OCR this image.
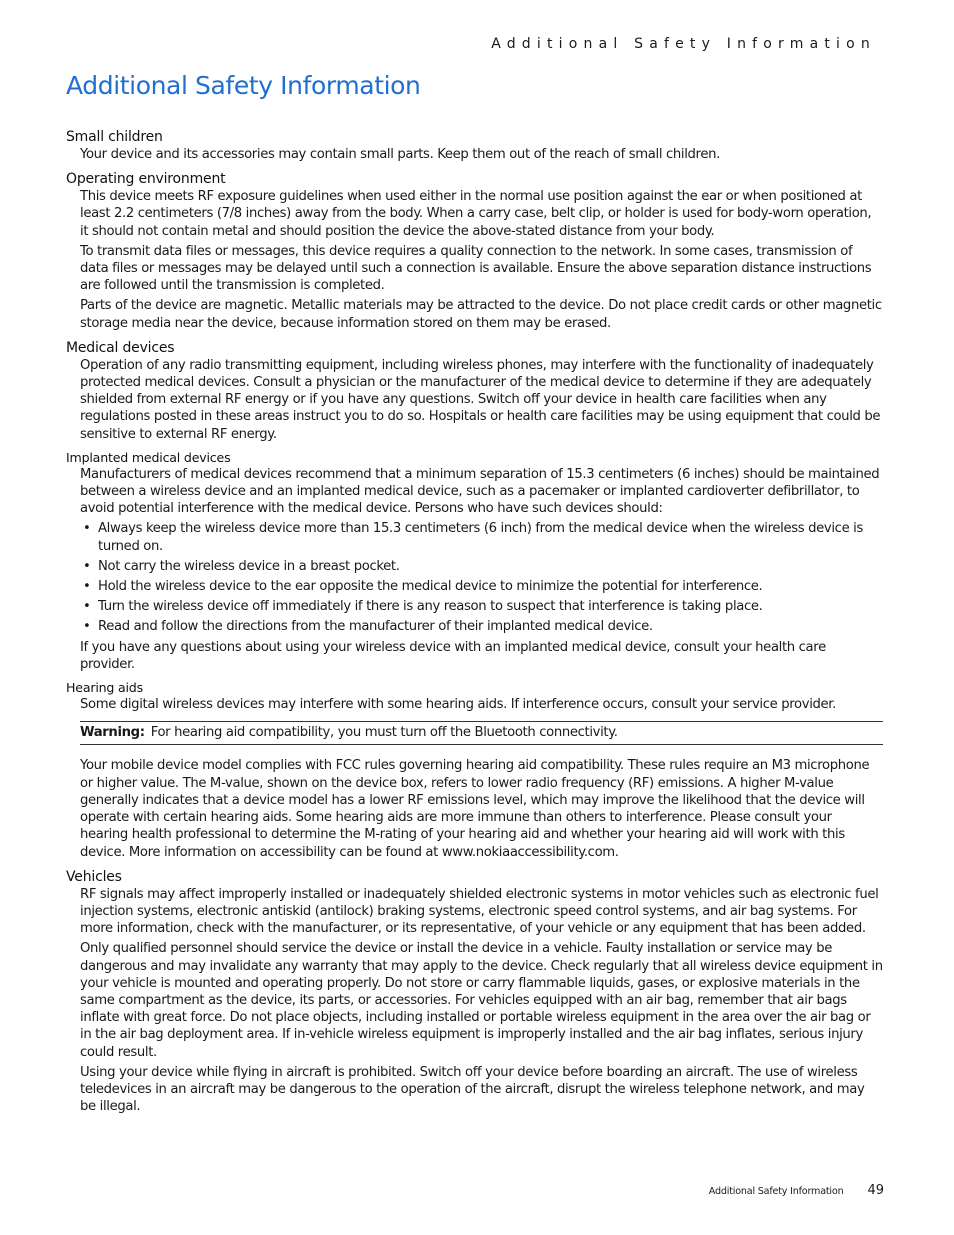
Additional Safety Information
Additional Safety Information
Small children

Your device and its accessories may contain small parts. Keep them out of the reach of small children.

Operating environment

This device meets RF exposure guidelines when used either in the normal use position against the ear or when positioned at least 2.2 centimeters (7/8 inches) away from the body. When a carry case, belt clip, or holder is used for body-worn operation, it should not contain metal and should position the device the above-stated distance from your body.

To transmit data files or messages, this device requires a quality connection to the network. In some cases, transmission of data files or messages may be delayed until such a connection is available. Ensure the above separation distance instructions are followed until the transmission is completed.

Parts of the device are magnetic. Metallic materials may be attracted to the device. Do not place credit cards or other magnetic storage media near the device, because information stored on them may be erased.

Medical devices

Operation of any radio transmitting equipment, including wireless phones, may interfere with the functionality of inadequately protected medical devices. Consult a physician or the manufacturer of the medical device to determine if they are adequately shielded from external RF energy or if you have any questions. Switch off your device in health care facilities when any regulations posted in these areas instruct you to do so. Hospitals or health care facilities may be using equipment that could be sensitive to external RF energy.

Implanted medical devices

Manufacturers of medical devices recommend that a minimum separation of 15.3 centimeters (6 inches) should be maintained between a wireless device and an implanted medical device, such as a pacemaker or implanted cardioverter defibrillator, to avoid potential interference with the medical device. Persons who have such devices should:

• Always keep the wireless device more than 15.3 centimeters (6 inch) from the medical device when the wireless device is turned on.
• Not carry the wireless device in a breast pocket.
• Hold the wireless device to the ear opposite the medical device to minimize the potential for interference.
• Turn the wireless device off immediately if there is any reason to suspect that interference is taking place.
• Read and follow the directions from the manufacturer of their implanted medical device.

If you have any questions about using your wireless device with an implanted medical device, consult your health care provider.

Hearing aids

Some digital wireless devices may interfere with some hearing aids. If interference occurs, consult your service provider.

Warning: For hearing aid compatibility, you must turn off the Bluetooth connectivity.

Your mobile device model complies with FCC rules governing hearing aid compatibility. These rules require an M3 microphone or higher value. The M-value, shown on the device box, refers to lower radio frequency (RF) emissions. A higher M-value generally indicates that a device model has a lower RF emissions level, which may improve the likelihood that the device will operate with certain hearing aids. Some hearing aids are more immune than others to interference. Please consult your hearing health professional to determine the M-rating of your hearing aid and whether your hearing aid will work with this device. More information on accessibility can be found at www.nokiaaccessibility.com.

Vehicles

RF signals may affect improperly installed or inadequately shielded electronic systems in motor vehicles such as electronic fuel injection systems, electronic antiskid (antilock) braking systems, electronic speed control systems, and air bag systems. For more information, check with the manufacturer, or its representative, of your vehicle or any equipment that has been added.

Only qualified personnel should service the device or install the device in a vehicle. Faulty installation or service may be dangerous and may invalidate any warranty that may apply to the device. Check regularly that all wireless device equipment in your vehicle is mounted and operating properly. Do not store or carry flammable liquids, gases, or explosive materials in the same compartment as the device, its parts, or accessories. For vehicles equipped with an air bag, remember that air bags inflate with great force. Do not place objects, including installed or portable wireless equipment in the area over the air bag or in the air bag deployment area. If in-vehicle wireless equipment is improperly installed and the air bag inflates, serious injury could result.

Using your device while flying in aircraft is prohibited. Switch off your device before boarding an aircraft. The use of wireless teledevices in an aircraft may be dangerous to the operation of the aircraft, disrupt the wireless telephone network, and may be illegal.

Additional Safety Information 49
